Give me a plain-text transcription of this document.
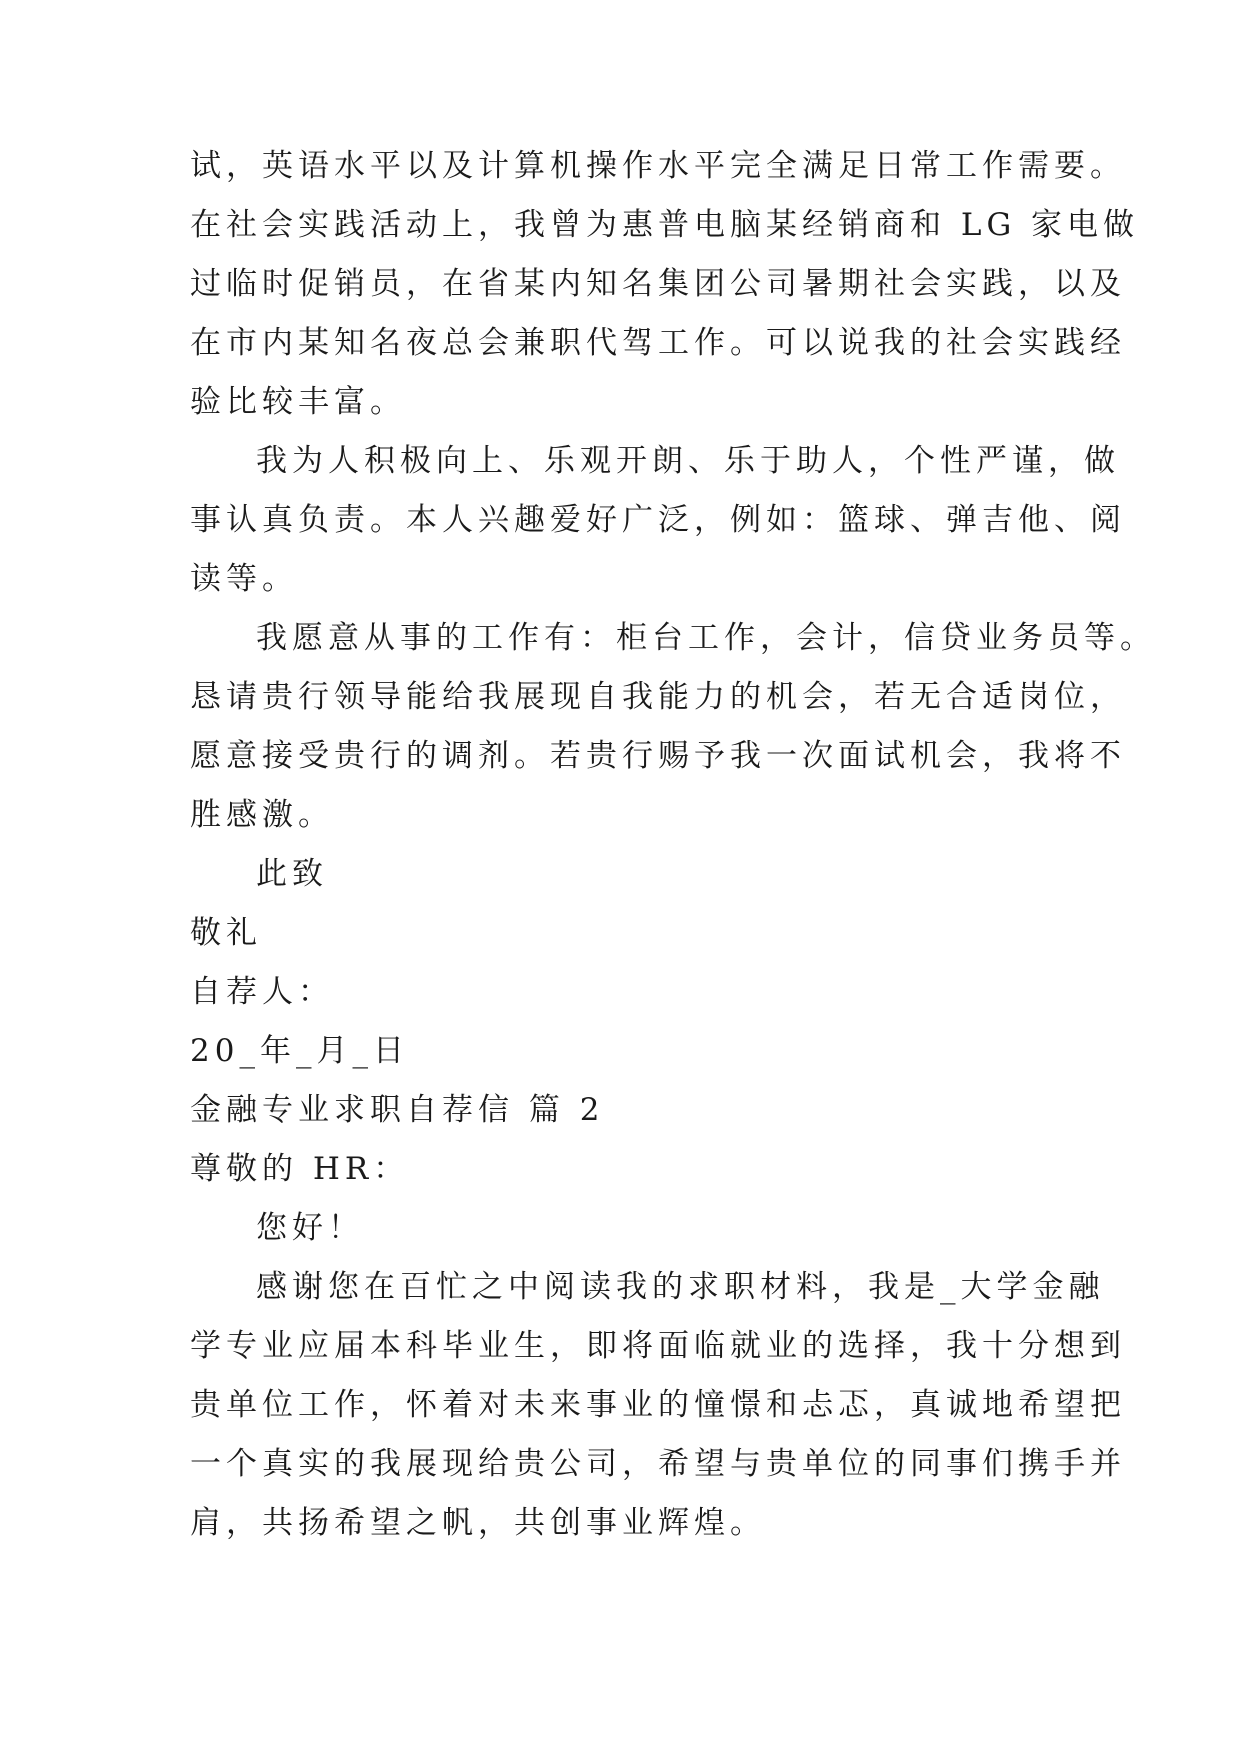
试，英语水平以及计算机操作水平完全满足日常工作需要。
在社会实践活动上，我曾为惠普电脑某经销商和 LG 家电做
过临时促销员，在省某内知名集团公司暑期社会实践，以及
在市内某知名夜总会兼职代驾工作。可以说我的社会实践经
验比较丰富。
我为人积极向上、乐观开朗、乐于助人，个性严谨，做
事认真负责。本人兴趣爱好广泛，例如：篮球、弹吉他、阅
读等。
我愿意从事的工作有：柜台工作，会计，信贷业务员等。
恳请贵行领导能给我展现自我能力的机会，若无合适岗位，
愿意接受贵行的调剂。若贵行赐予我一次面试机会，我将不
胜感激。
此致
敬礼
自荐人：
20_年_月_日
金融专业求职自荐信 篇 2
尊敬的 HR：
您好！
感谢您在百忙之中阅读我的求职材料，我是_大学金融
学专业应届本科毕业生，即将面临就业的选择，我十分想到
贵单位工作，怀着对未来事业的憧憬和忐忑，真诚地希望把
一个真实的我展现给贵公司，希望与贵单位的同事们携手并
肩，共扬希望之帆，共创事业辉煌。
